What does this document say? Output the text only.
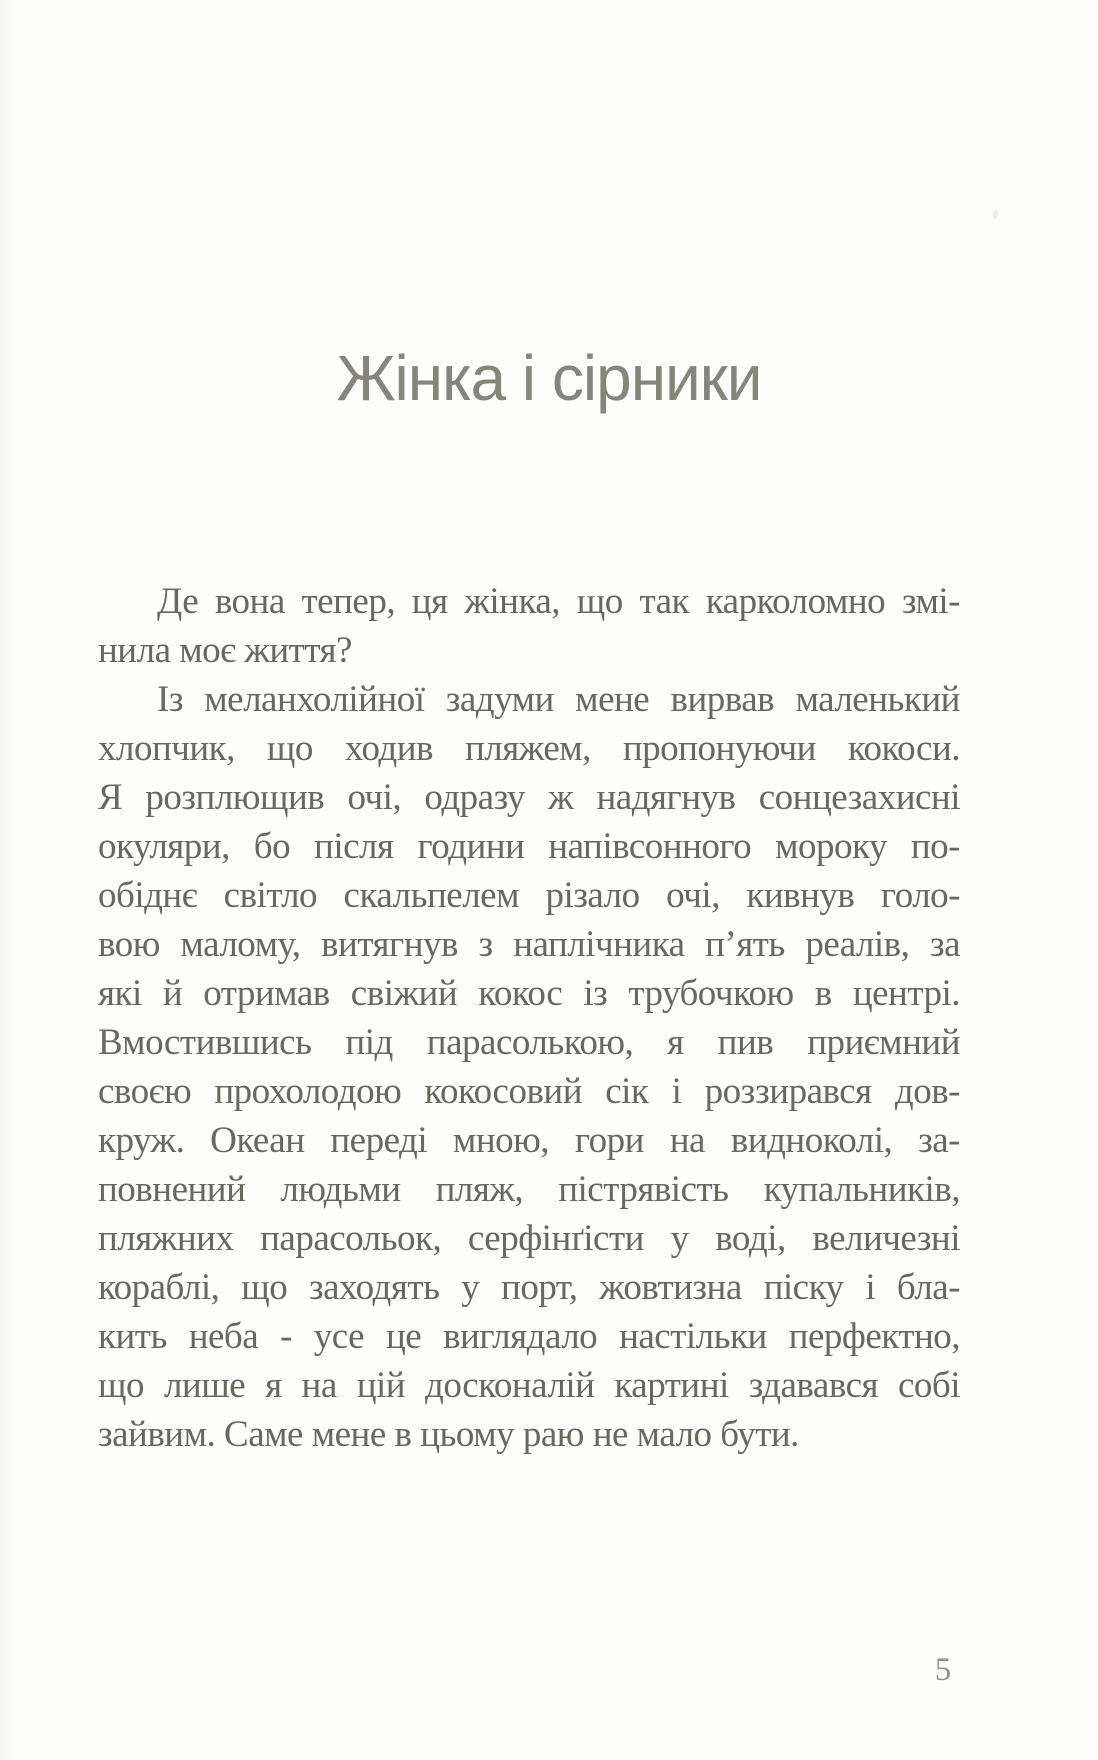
Жінка і сірники
Де вона тепер, ця жінка, що так карколомно змі-
нила моє життя?
Із меланхолійної задуми мене вирвав маленький
хлопчик, що ходив пляжем, пропонуючи кокоси.
Я розплющив очі, одразу ж надягнув сонцезахисні
окуляри, бо після години напівсонного мороку по-
обіднє світло скальпелем різало очі, кивнув голо-
вою малому, витягнув з наплічника п’ять реалів, за
які й отримав свіжий кокос із трубочкою в центрі.
Вмостившись під парасолькою, я пив приємний
своєю прохолодою кокосовий сік і роззирався дов-
круж. Океан переді мною, гори на видноколі, за-
повнений людьми пляж, пістрявість купальників,
пляжних парасольок, серфінґісти у воді, величезні
кораблі, що заходять у порт, жовтизна піску і бла-
кить неба - усе це виглядало настільки перфектно,
що лише я на цій досконалій картині здавався собі
зайвим. Саме мене в цьому раю не мало бути.
5
